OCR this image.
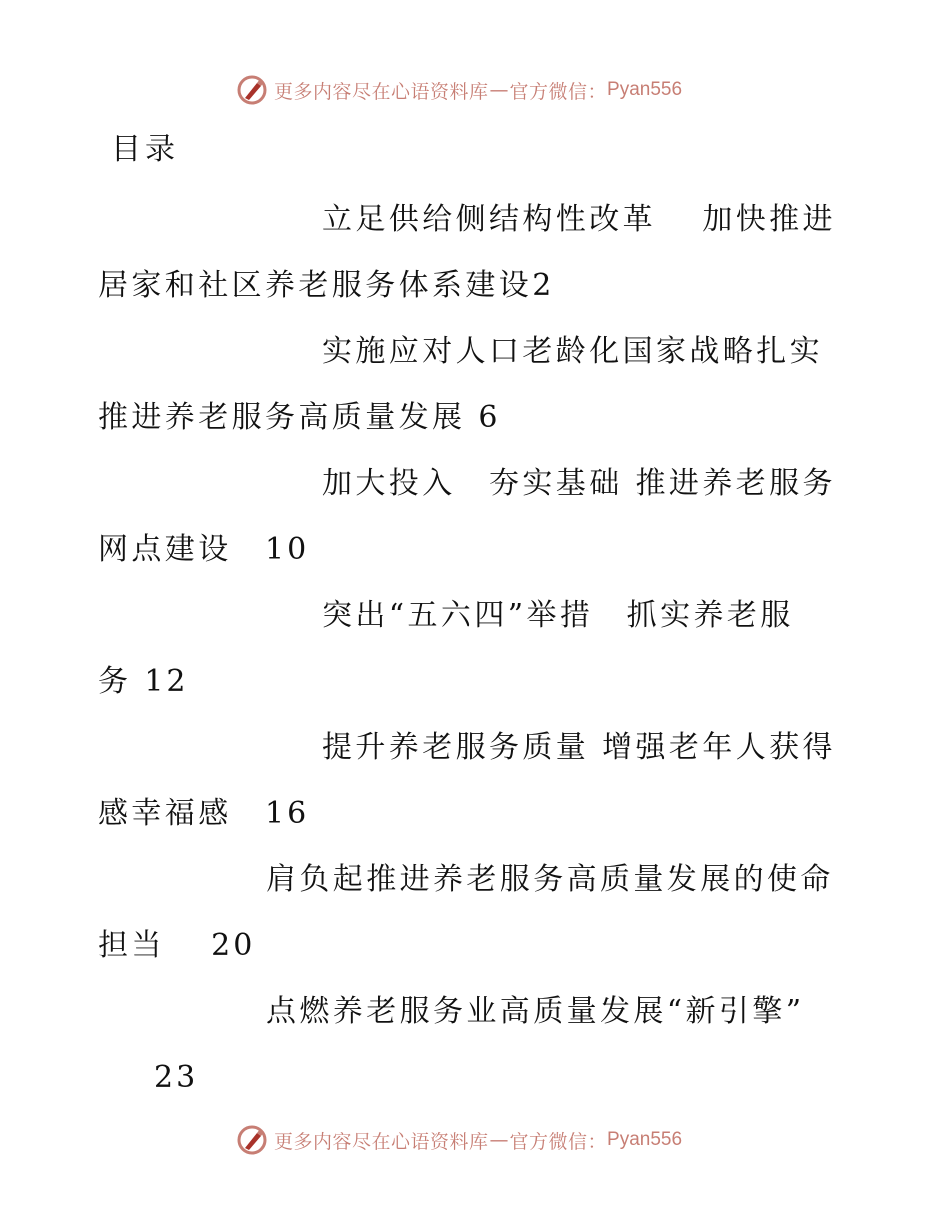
更多内容尽在心语资料库 — 官方微信： Pyan556
目录
立足供给侧结构性改革　 加快推进
居家和社区养老服务体系建设2
实施应对人口老龄化国家战略扎实
推进养老服务高质量发展 6
加大投入　夯实基础 推进养老服务
网点建设　10
突出“五六四”举措　抓实养老服
务 12
提升养老服务质量 增强老年人获得
感幸福感　16
肩负起推进养老服务高质量发展的使命
担当　 20
点燃养老服务业高质量发展“新引擎”
23
更多内容尽在心语资料库 — 官方微信： Pyan556
